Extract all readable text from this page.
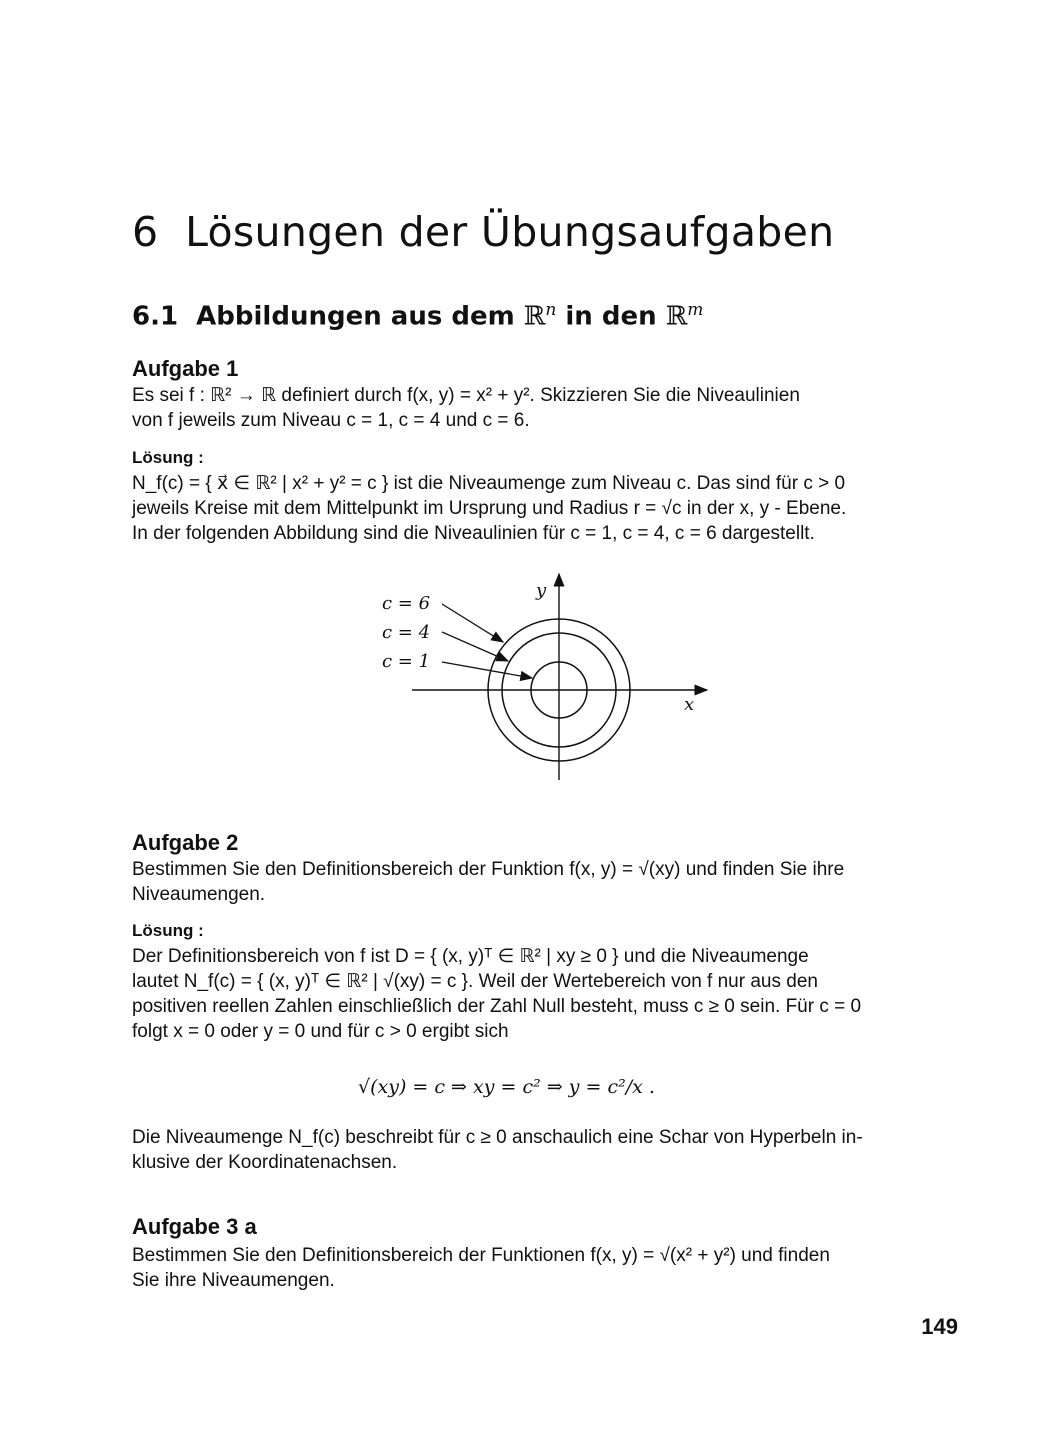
6 Lösungen der Übungsaufgaben
6.1 Abbildungen aus dem ℝ$^n$ in den ℝ$^m$
Aufgabe 1
Es sei f : ℝ² → ℝ definiert durch f(x, y) = x² + y². Skizzieren Sie die Niveaulinien
von f jeweils zum Niveau c = 1, c = 4 und c = 6.
Lösung :
N_f(c) = { x⃗ ∈ ℝ² | x² + y² = c } ist die Niveaumenge zum Niveau c. Das sind für c > 0
jeweils Kreise mit dem Mittelpunkt im Ursprung und Radius r = √c in der x, y - Ebene.
In der folgenden Abbildung sind die Niveaulinien für c = 1, c = 4, c = 6 dargestellt.
c = 6
c = 4
c = 1
y
x
Aufgabe 2
Bestimmen Sie den Definitionsbereich der Funktion f(x, y) = √(xy) und finden Sie ihre
Niveaumengen.
Lösung :
Der Definitionsbereich von f ist D = { (x, y)ᵀ ∈ ℝ² | xy ≥ 0 } und die Niveaumenge
lautet N_f(c) = { (x, y)ᵀ ∈ ℝ² | √(xy) = c }. Weil der Wertebereich von f nur aus den
positiven reellen Zahlen einschließlich der Zahl Null besteht, muss c ≥ 0 sein. Für c = 0
folgt x = 0 oder y = 0 und für c > 0 ergibt sich
√(xy) = c ⇒ xy = c² ⇒ y = c²/x .
Die Niveaumenge N_f(c) beschreibt für c ≥ 0 anschaulich eine Schar von Hyperbeln in-
klusive der Koordinatenachsen.
Aufgabe 3 a
Bestimmen Sie den Definitionsbereich der Funktionen f(x, y) = √(x² + y²) und finden
Sie ihre Niveaumengen.
149
